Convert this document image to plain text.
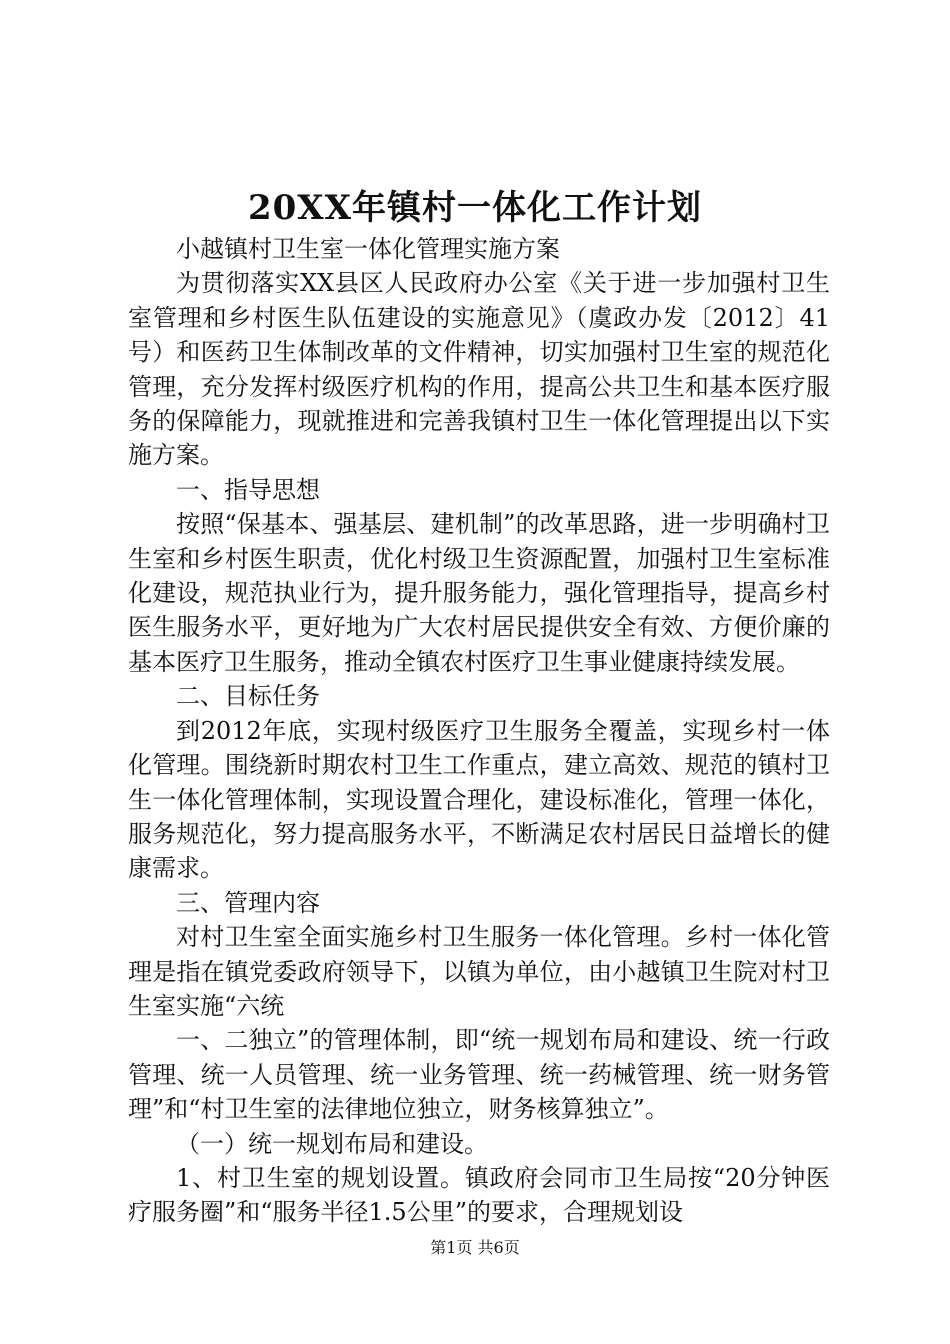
20XX年镇村一体化工作计划

小越镇村卫生室一体化管理实施方案

为贯彻落实XX县区人民政府办公室《关于进一步加强村卫生室管理和乡村医生队伍建设的实施意见》（虞政办发〔2012〕41号）和医药卫生体制改革的文件精神，切实加强村卫生室的规范化管理，充分发挥村级医疗机构的作用，提高公共卫生和基本医疗服务的保障能力，现就推进和完善我镇村卫生一体化管理提出以下实施方案。

一、指导思想

按照“保基本、强基层、建机制”的改革思路，进一步明确村卫生室和乡村医生职责，优化村级卫生资源配置，加强村卫生室标准化建设，规范执业行为，提升服务能力，强化管理指导，提高乡村医生服务水平，更好地为广大农村居民提供安全有效、方便价廉的基本医疗卫生服务，推动全镇农村医疗卫生事业健康持续发展。

二、目标任务

到2012年底，实现村级医疗卫生服务全覆盖，实现乡村一体化管理。围绕新时期农村卫生工作重点，建立高效、规范的镇村卫生一体化管理体制，实现设置合理化，建设标准化，管理一体化，服务规范化，努力提高服务水平，不断满足农村居民日益增长的健康需求。

三、管理内容

对村卫生室全面实施乡村卫生服务一体化管理。乡村一体化管理是指在镇党委政府领导下，以镇为单位，由小越镇卫生院对村卫生室实施“六统

一、二独立”的管理体制，即“统一规划布局和建设、统一行政管理、统一人员管理、统一业务管理、统一药械管理、统一财务管理”和“村卫生室的法律地位独立，财务核算独立”。

（一）统一规划布局和建设。

1、村卫生室的规划设置。镇政府会同市卫生局按“20分钟医疗服务圈”和“服务半径1.5公里”的要求，合理规划设

第1页 共6页
